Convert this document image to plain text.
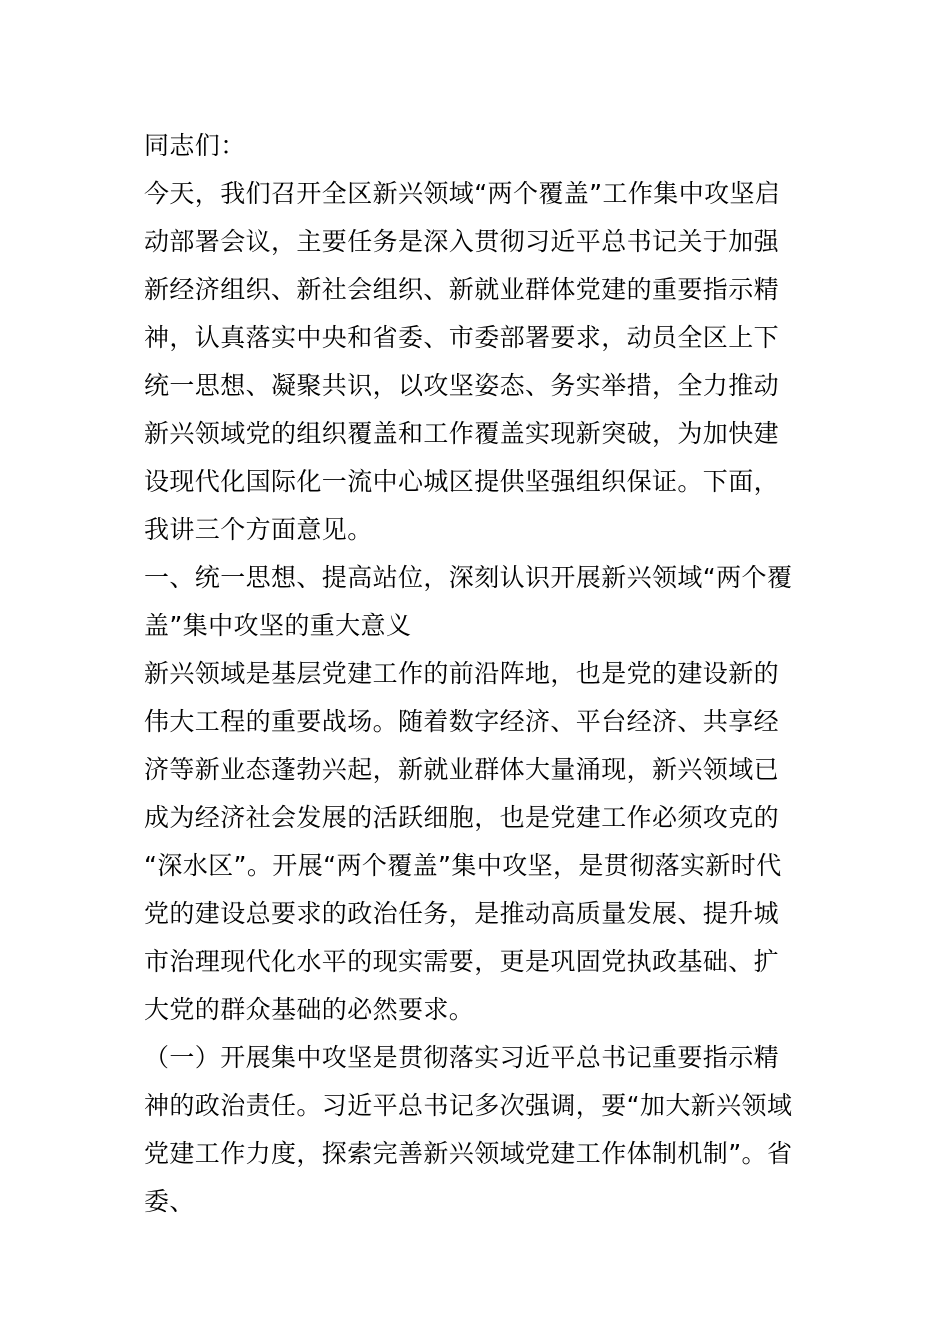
同志们：
今天，我们召开全区新兴领域“两个覆盖”工作集中攻坚启
动部署会议，主要任务是深入贯彻习近平总书记关于加强
新经济组织、新社会组织、新就业群体党建的重要指示精
神，认真落实中央和省委、市委部署要求，动员全区上下
统一思想、凝聚共识，以攻坚姿态、务实举措，全力推动
新兴领域党的组织覆盖和工作覆盖实现新突破，为加快建
设现代化国际化一流中心城区提供坚强组织保证。下面，
我讲三个方面意见。
一、统一思想、提高站位，深刻认识开展新兴领域“两个覆
盖”集中攻坚的重大意义
新兴领域是基层党建工作的前沿阵地，也是党的建设新的
伟大工程的重要战场。随着数字经济、平台经济、共享经
济等新业态蓬勃兴起，新就业群体大量涌现，新兴领域已
成为经济社会发展的活跃细胞，也是党建工作必须攻克的
“深水区”。开展“两个覆盖”集中攻坚，是贯彻落实新时代
党的建设总要求的政治任务，是推动高质量发展、提升城
市治理现代化水平的现实需要，更是巩固党执政基础、扩
大党的群众基础的必然要求。
（一）开展集中攻坚是贯彻落实习近平总书记重要指示精
神的政治责任。习近平总书记多次强调，要“加大新兴领域
党建工作力度，探索完善新兴领域党建工作体制机制”。省
委、
